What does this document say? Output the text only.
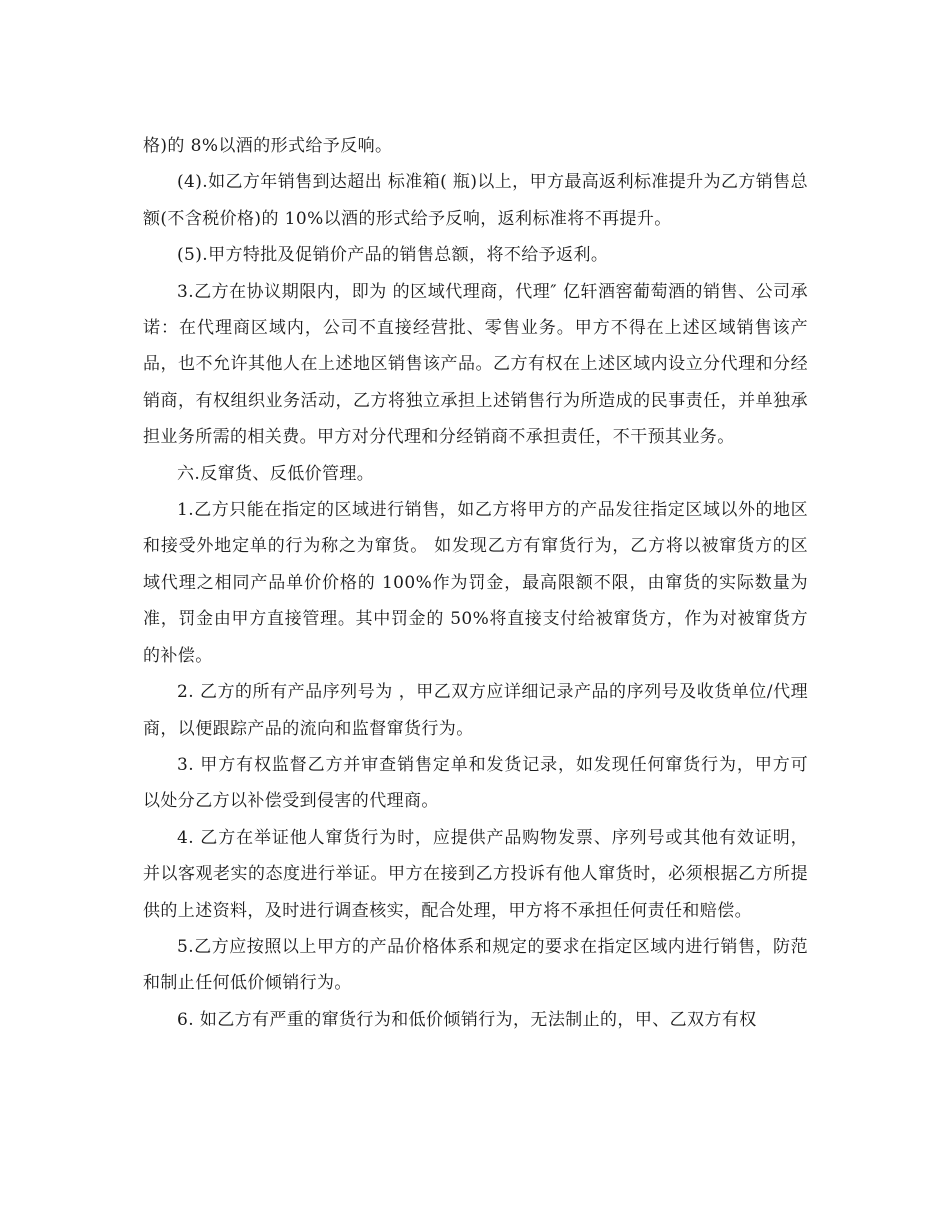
格)的 8%以酒的形式给予反响。

(4).如乙方年销售到达超出 标准箱( 瓶)以上，甲方最高返利标准提升为乙方销售总额(不含税价格)的 10%以酒的形式给予反响，返利标准将不再提升。

(5).甲方特批及促销价产品的销售总额，将不给予返利。

3.乙方在协议期限内，即为 的区域代理商，代理″ 亿轩酒窖葡萄酒的销售、公司承诺：在代理商区域内，公司不直接经营批、零售业务。甲方不得在上述区域销售该产品，也不允许其他人在上述地区销售该产品。乙方有权在上述区域内设立分代理和分经销商，有权组织业务活动，乙方将独立承担上述销售行为所造成的民事责任，并单独承担业务所需的相关费。甲方对分代理和分经销商不承担责任，不干预其业务。

六.反窜货、反低价管理。

1.乙方只能在指定的区域进行销售，如乙方将甲方的产品发往指定区域以外的地区和接受外地定单的行为称之为窜货。 如发现乙方有窜货行为，乙方将以被窜货方的区域代理之相同产品单价价格的 100%作为罚金，最高限额不限，由窜货的实际数量为准，罚金由甲方直接管理。其中罚金的 50%将直接支付给被窜货方，作为对被窜货方的补偿。

2. 乙方的所有产品序列号为 ，甲乙双方应详细记录产品的序列号及收货单位/代理商，以便跟踪产品的流向和监督窜货行为。

3. 甲方有权监督乙方并审查销售定单和发货记录，如发现任何窜货行为，甲方可以处分乙方以补偿受到侵害的代理商。

4. 乙方在举证他人窜货行为时，应提供产品购物发票、序列号或其他有效证明，并以客观老实的态度进行举证。甲方在接到乙方投诉有他人窜货时，必须根据乙方所提供的上述资料，及时进行调查核实，配合处理，甲方将不承担任何责任和赔偿。

5.乙方应按照以上甲方的产品价格体系和规定的要求在指定区域内进行销售，防范和制止任何低价倾销行为。

6. 如乙方有严重的窜货行为和低价倾销行为，无法制止的，甲、乙双方有权
